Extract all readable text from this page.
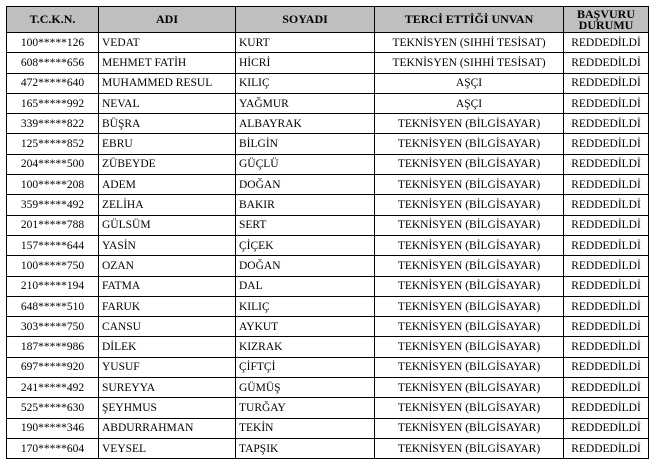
T.C.K.N.	ADI	SOYADI	TERCİ ETTİĞİ UNVAN	BAŞVURU
DURUMU
100*****126	VEDAT	KURT	TEKNİSYEN (SIHHİ TESİSAT)	REDDEDİLDİ
608*****656	MEHMET FATİH	HİCRİ	TEKNİSYEN (SIHHİ TESİSAT)	REDDEDİLDİ
472*****640	MUHAMMED RESUL	KILIÇ	AŞÇI	REDDEDİLDİ
165*****992	NEVAL	YAĞMUR	AŞÇI	REDDEDİLDİ
339*****822	BÜŞRA	ALBAYRAK	TEKNİSYEN (BİLGİSAYAR)	REDDEDİLDİ
125*****852	EBRU	BİLGİN	TEKNİSYEN (BİLGİSAYAR)	REDDEDİLDİ
204*****500	ZÜBEYDE	GÜÇLÜ	TEKNİSYEN (BİLGİSAYAR)	REDDEDİLDİ
100*****208	ADEM	DOĞAN	TEKNİSYEN (BİLGİSAYAR)	REDDEDİLDİ
359*****492	ZELİHA	BAKIR	TEKNİSYEN (BİLGİSAYAR)	REDDEDİLDİ
201*****788	GÜLSÜM	SERT	TEKNİSYEN (BİLGİSAYAR)	REDDEDİLDİ
157*****644	YASİN	ÇİÇEK	TEKNİSYEN (BİLGİSAYAR)	REDDEDİLDİ
100*****750	OZAN	DOĞAN	TEKNİSYEN (BİLGİSAYAR)	REDDEDİLDİ
210*****194	FATMA	DAL	TEKNİSYEN (BİLGİSAYAR)	REDDEDİLDİ
648*****510	FARUK	KILIÇ	TEKNİSYEN (BİLGİSAYAR)	REDDEDİLDİ
303*****750	CANSU	AYKUT	TEKNİSYEN (BİLGİSAYAR)	REDDEDİLDİ
187*****986	DİLEK	KIZRAK	TEKNİSYEN (BİLGİSAYAR)	REDDEDİLDİ
697*****920	YUSUF	ÇİFTÇİ	TEKNİSYEN (BİLGİSAYAR)	REDDEDİLDİ
241*****492	SUREYYA	GÜMÜŞ	TEKNİSYEN (BİLGİSAYAR)	REDDEDİLDİ
525*****630	ŞEYHMUS	TURĞAY	TEKNİSYEN (BİLGİSAYAR)	REDDEDİLDİ
190*****346	ABDURRAHMAN	TEKİN	TEKNİSYEN (BİLGİSAYAR)	REDDEDİLDİ
170*****604	VEYSEL	TAPŞIK	TEKNİSYEN (BİLGİSAYAR)	REDDEDİLDİ
